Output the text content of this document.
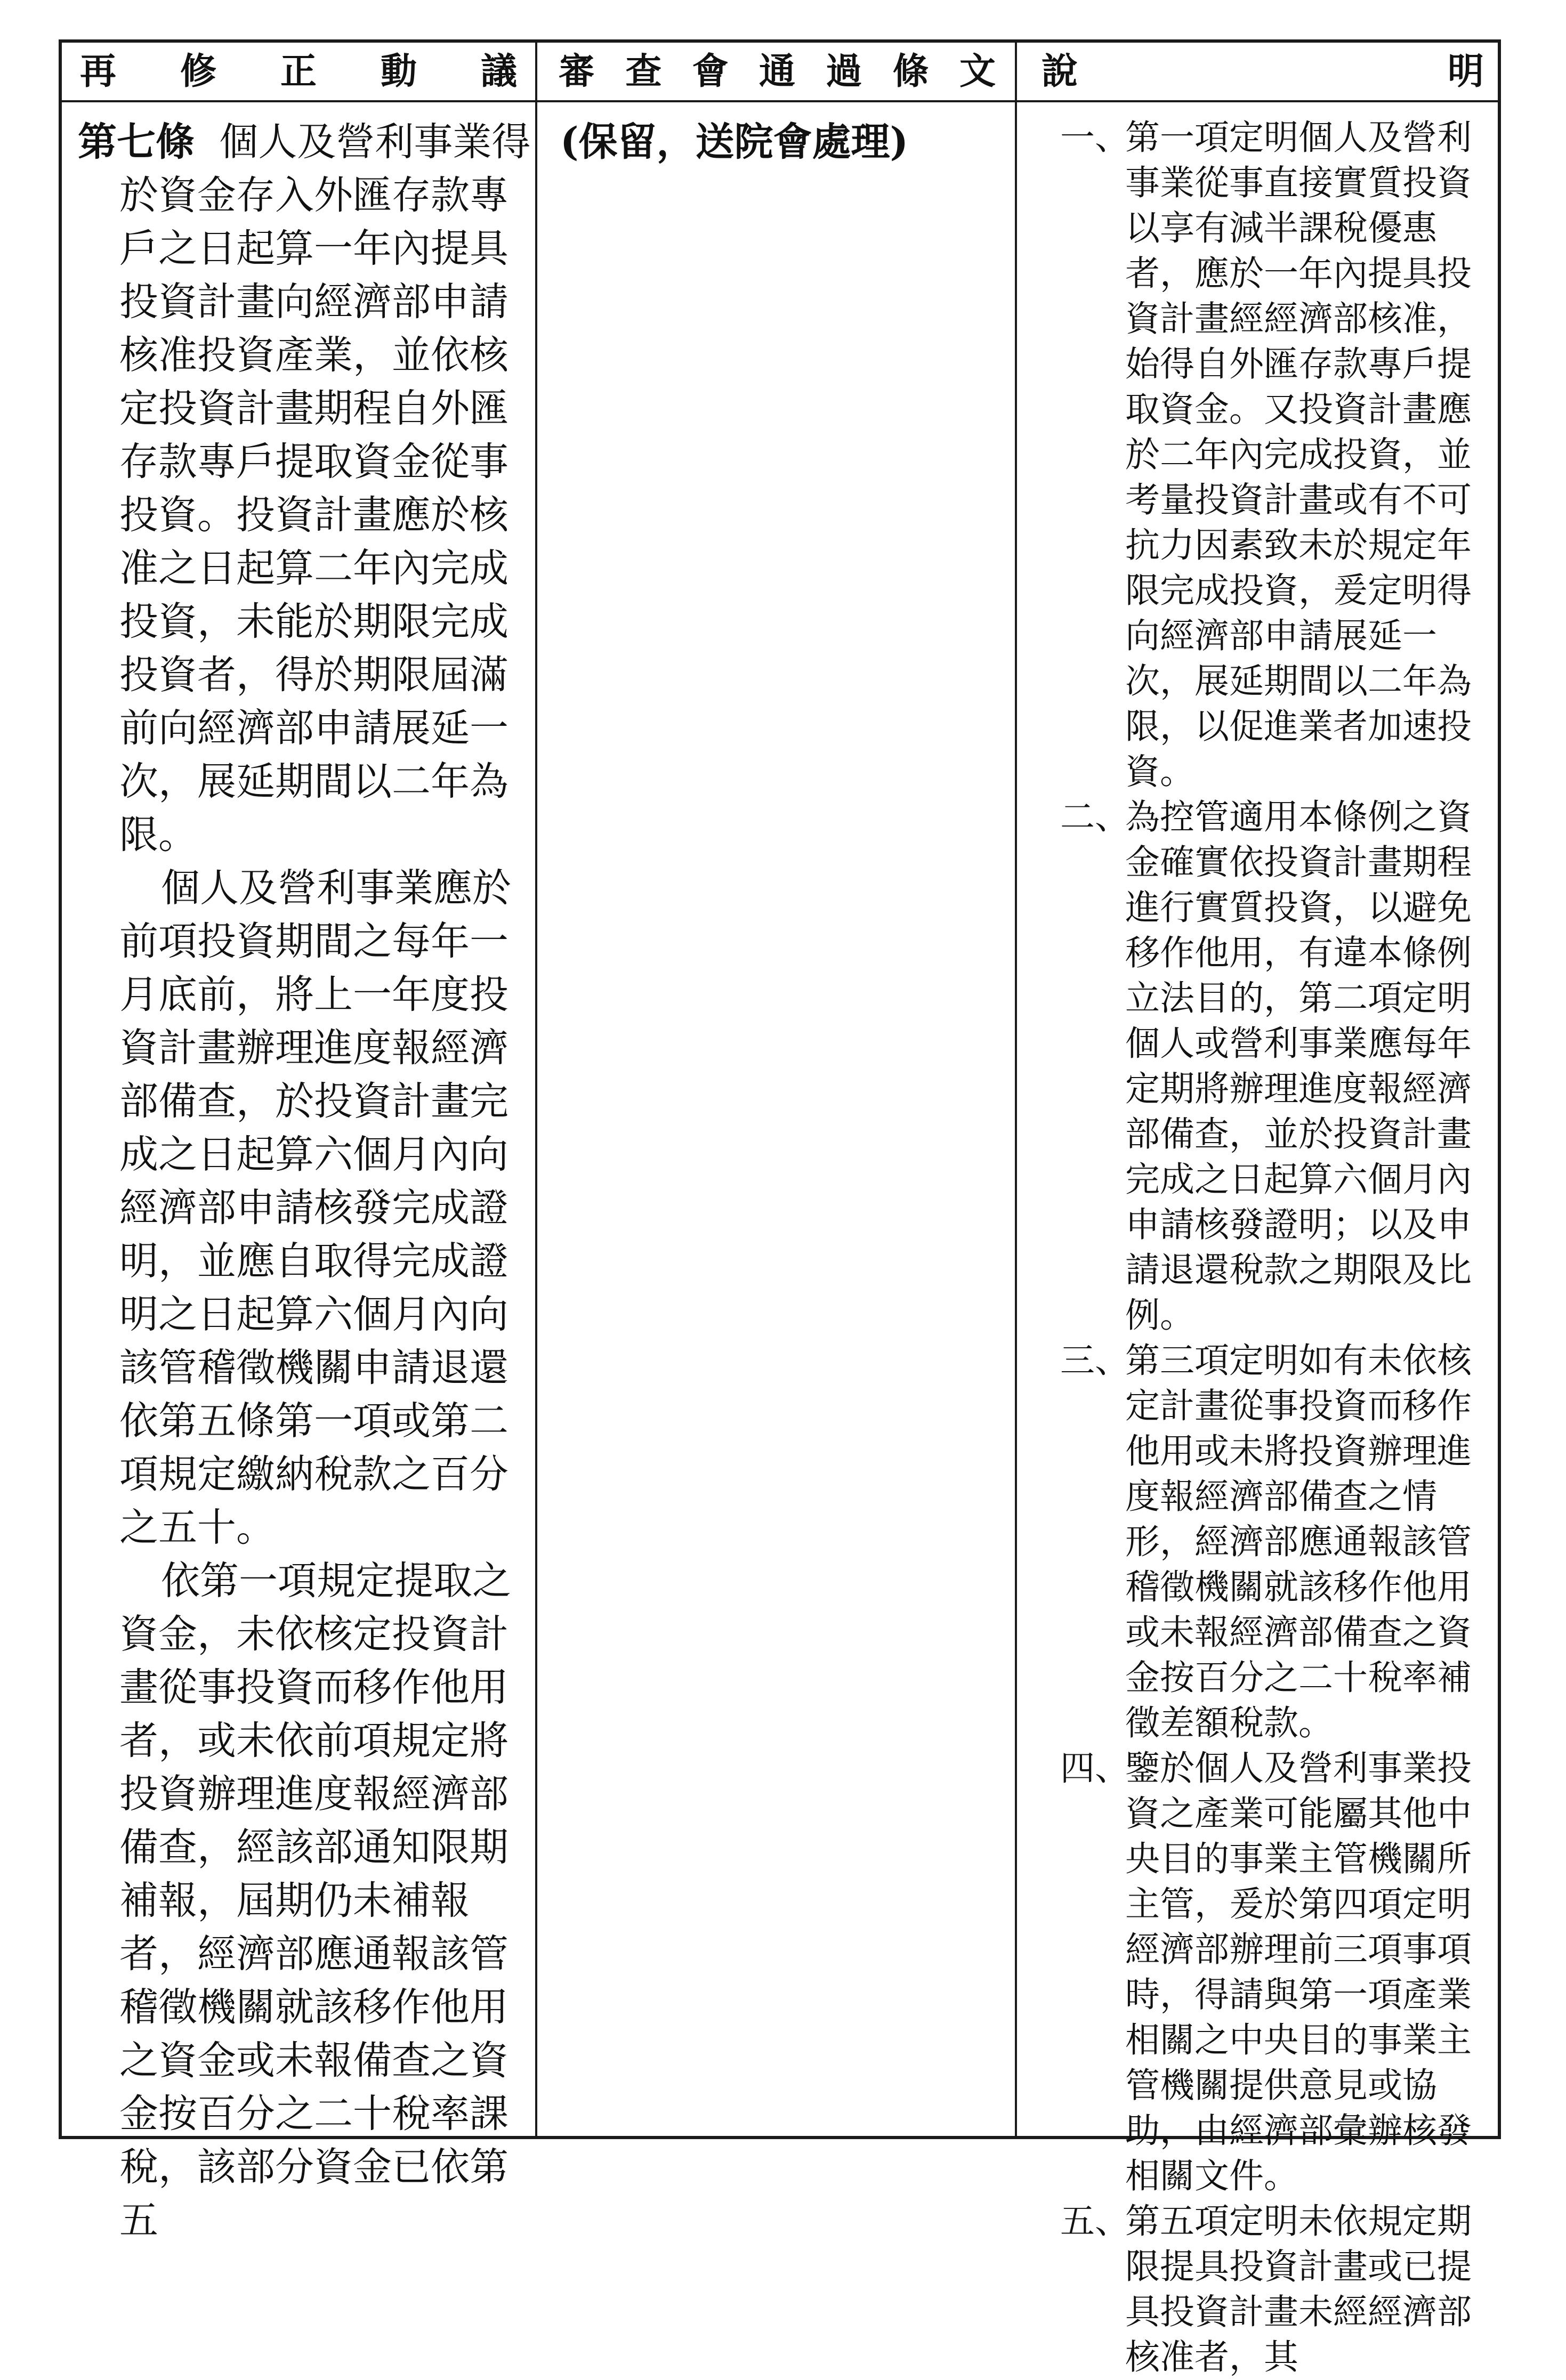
再 修 正 動 議 審 查 會 通 過 條 文 說	明

第七條 個人及營利事業得

於資金存入外匯存款專戶之日起算一年內提具投資計畫向經濟部申請核准投資產業，並依核定投資計畫期程自外匯存款專戶提取資金從事投資。投資計畫應於核准之日起算二年內完成投資，未能於期限完成投資者，得於期限屆滿前向經濟部申請展延一次，展延期間以二年為限。

個人及營利事業應於前項投資期間之每年一月底前，將上一年度投資計畫辦理進度報經濟部備查，於投資計畫完成之日起算六個月內向經濟部申請核發完成證明，並應自取得完成證明之日起算六個月內向該管稽徵機關申請退還依第五條第一項或第二項規定繳納稅款之百分之五十。

依第一項規定提取之資金，未依核定投資計畫從事投資而移作他用者，或未依前項規定將投資辦理進度報經濟部備查，經該部通知限期補報，屆期仍未補報者，經濟部應通報該管稽徵機關就該移作他用之資金或未報備查之資金按百分之二十稅率課稅，該部分資金已依第五

(保留，送院會處理)	一、
第一項定明個人及營利事業從事直接實質投資以享有減半課稅優惠者，應於一年內提具投資計畫經經濟部核准，始得自外匯存款專戶提取資金。又投資計畫應於二年內完成投資，並考量投資計畫或有不可抗力因素致未於規定年限完成投資，爰定明得向經濟部申請展延一次，展延期間以二年為限，以促進業者加速投資。

二、
為控管適用本條例之資金確實依投資計畫期程進行實質投資，以避免移作他用，有違本條例立法目的，第二項定明個人或營利事業應每年定期將辦理進度報經濟部備查，並於投資計畫完成之日起算六個月內申請核發證明；以及申請退還稅款之期限及比例。

三、
第三項定明如有未依核定計畫從事投資而移作他用或未將投資辦理進度報經濟部備查之情形，經濟部應通報該管稽徵機關就該移作他用或未報經濟部備查之資金按百分之二十稅率補徵差額稅款。

四、
鑒於個人及營利事業投資之產業可能屬其他中央目的事業主管機關所主管，爰於第四項定明經濟部辦理前三項事項時，得請與第一項產業相關之中央目的事業主管機關提供意見或協助，由經濟部彙辦核發相關文件。

五、
第五項定明未依規定期限提具投資計畫或已提具投資計畫未經經濟部核准者，其
